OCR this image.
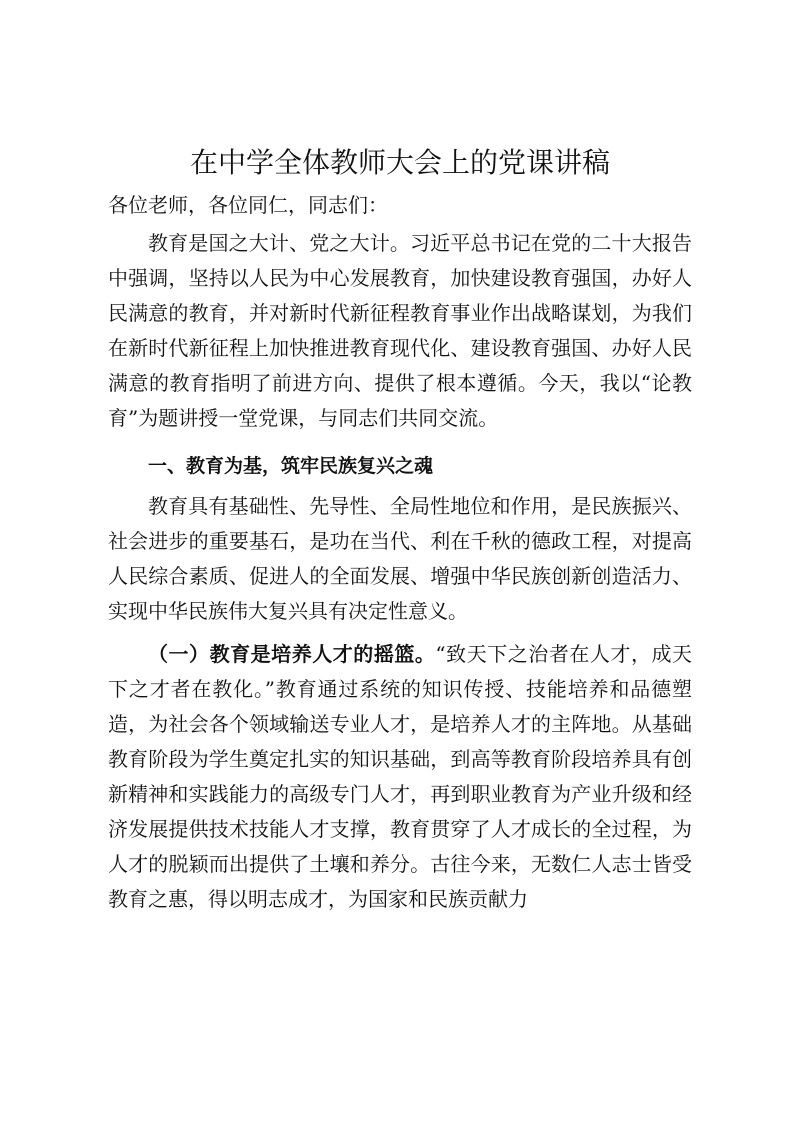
在中学全体教师大会上的党课讲稿

各位老师，各位同仁，同志们：

教育是国之大计、党之大计。习近平总书记在党的二十大报告中强调，坚持以人民为中心发展教育，加快建设教育强国，办好人民满意的教育，并对新时代新征程教育事业作出战略谋划，为我们在新时代新征程上加快推进教育现代化、建设教育强国、办好人民满意的教育指明了前进方向、提供了根本遵循。今天，我以“论教育”为题讲授一堂党课，与同志们共同交流。

一、教育为基，筑牢民族复兴之魂

教育具有基础性、先导性、全局性地位和作用，是民族振兴、社会进步的重要基石，是功在当代、利在千秋的德政工程，对提高人民综合素质、促进人的全面发展、增强中华民族创新创造活力、实现中华民族伟大复兴具有决定性意义。

（一）教育是培养人才的摇篮。“致天下之治者在人才，成天下之才者在教化。”教育通过系统的知识传授、技能培养和品德塑造，为社会各个领域输送专业人才，是培养人才的主阵地。从基础教育阶段为学生奠定扎实的知识基础，到高等教育阶段培养具有创新精神和实践能力的高级专门人才，再到职业教育为产业升级和经济发展提供技术技能人才支撑，教育贯穿了人才成长的全过程，为人才的脱颖而出提供了土壤和养分。古往今来，无数仁人志士皆受教育之惠，得以明志成才，为国家和民族贡献力
